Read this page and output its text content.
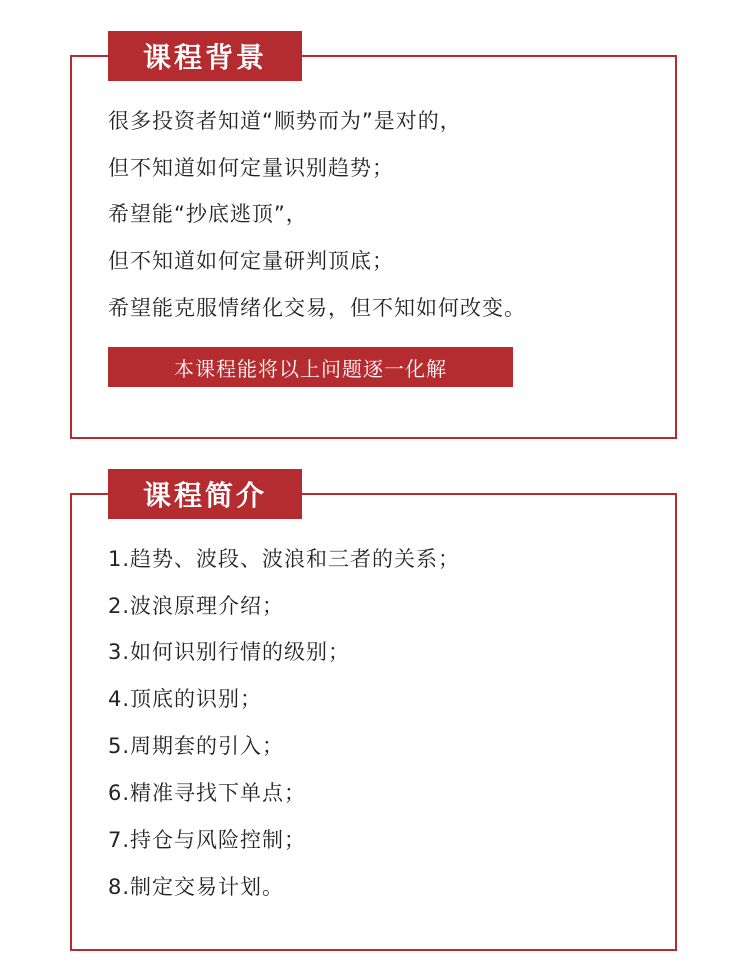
课程背景
很多投资者知道“顺势而为”是对的，
但不知道如何定量识别趋势；
希望能“抄底逃顶”，
但不知道如何定量研判顶底；
希望能克服情绪化交易，但不知如何改变。
本课程能将以上问题逐一化解
课程简介
1.趋势、波段、波浪和三者的关系；
2.波浪原理介绍；
3.如何识别行情的级别；
4.顶底的识别；
5.周期套的引入；
6.精准寻找下单点；
7.持仓与风险控制；
8.制定交易计划。
